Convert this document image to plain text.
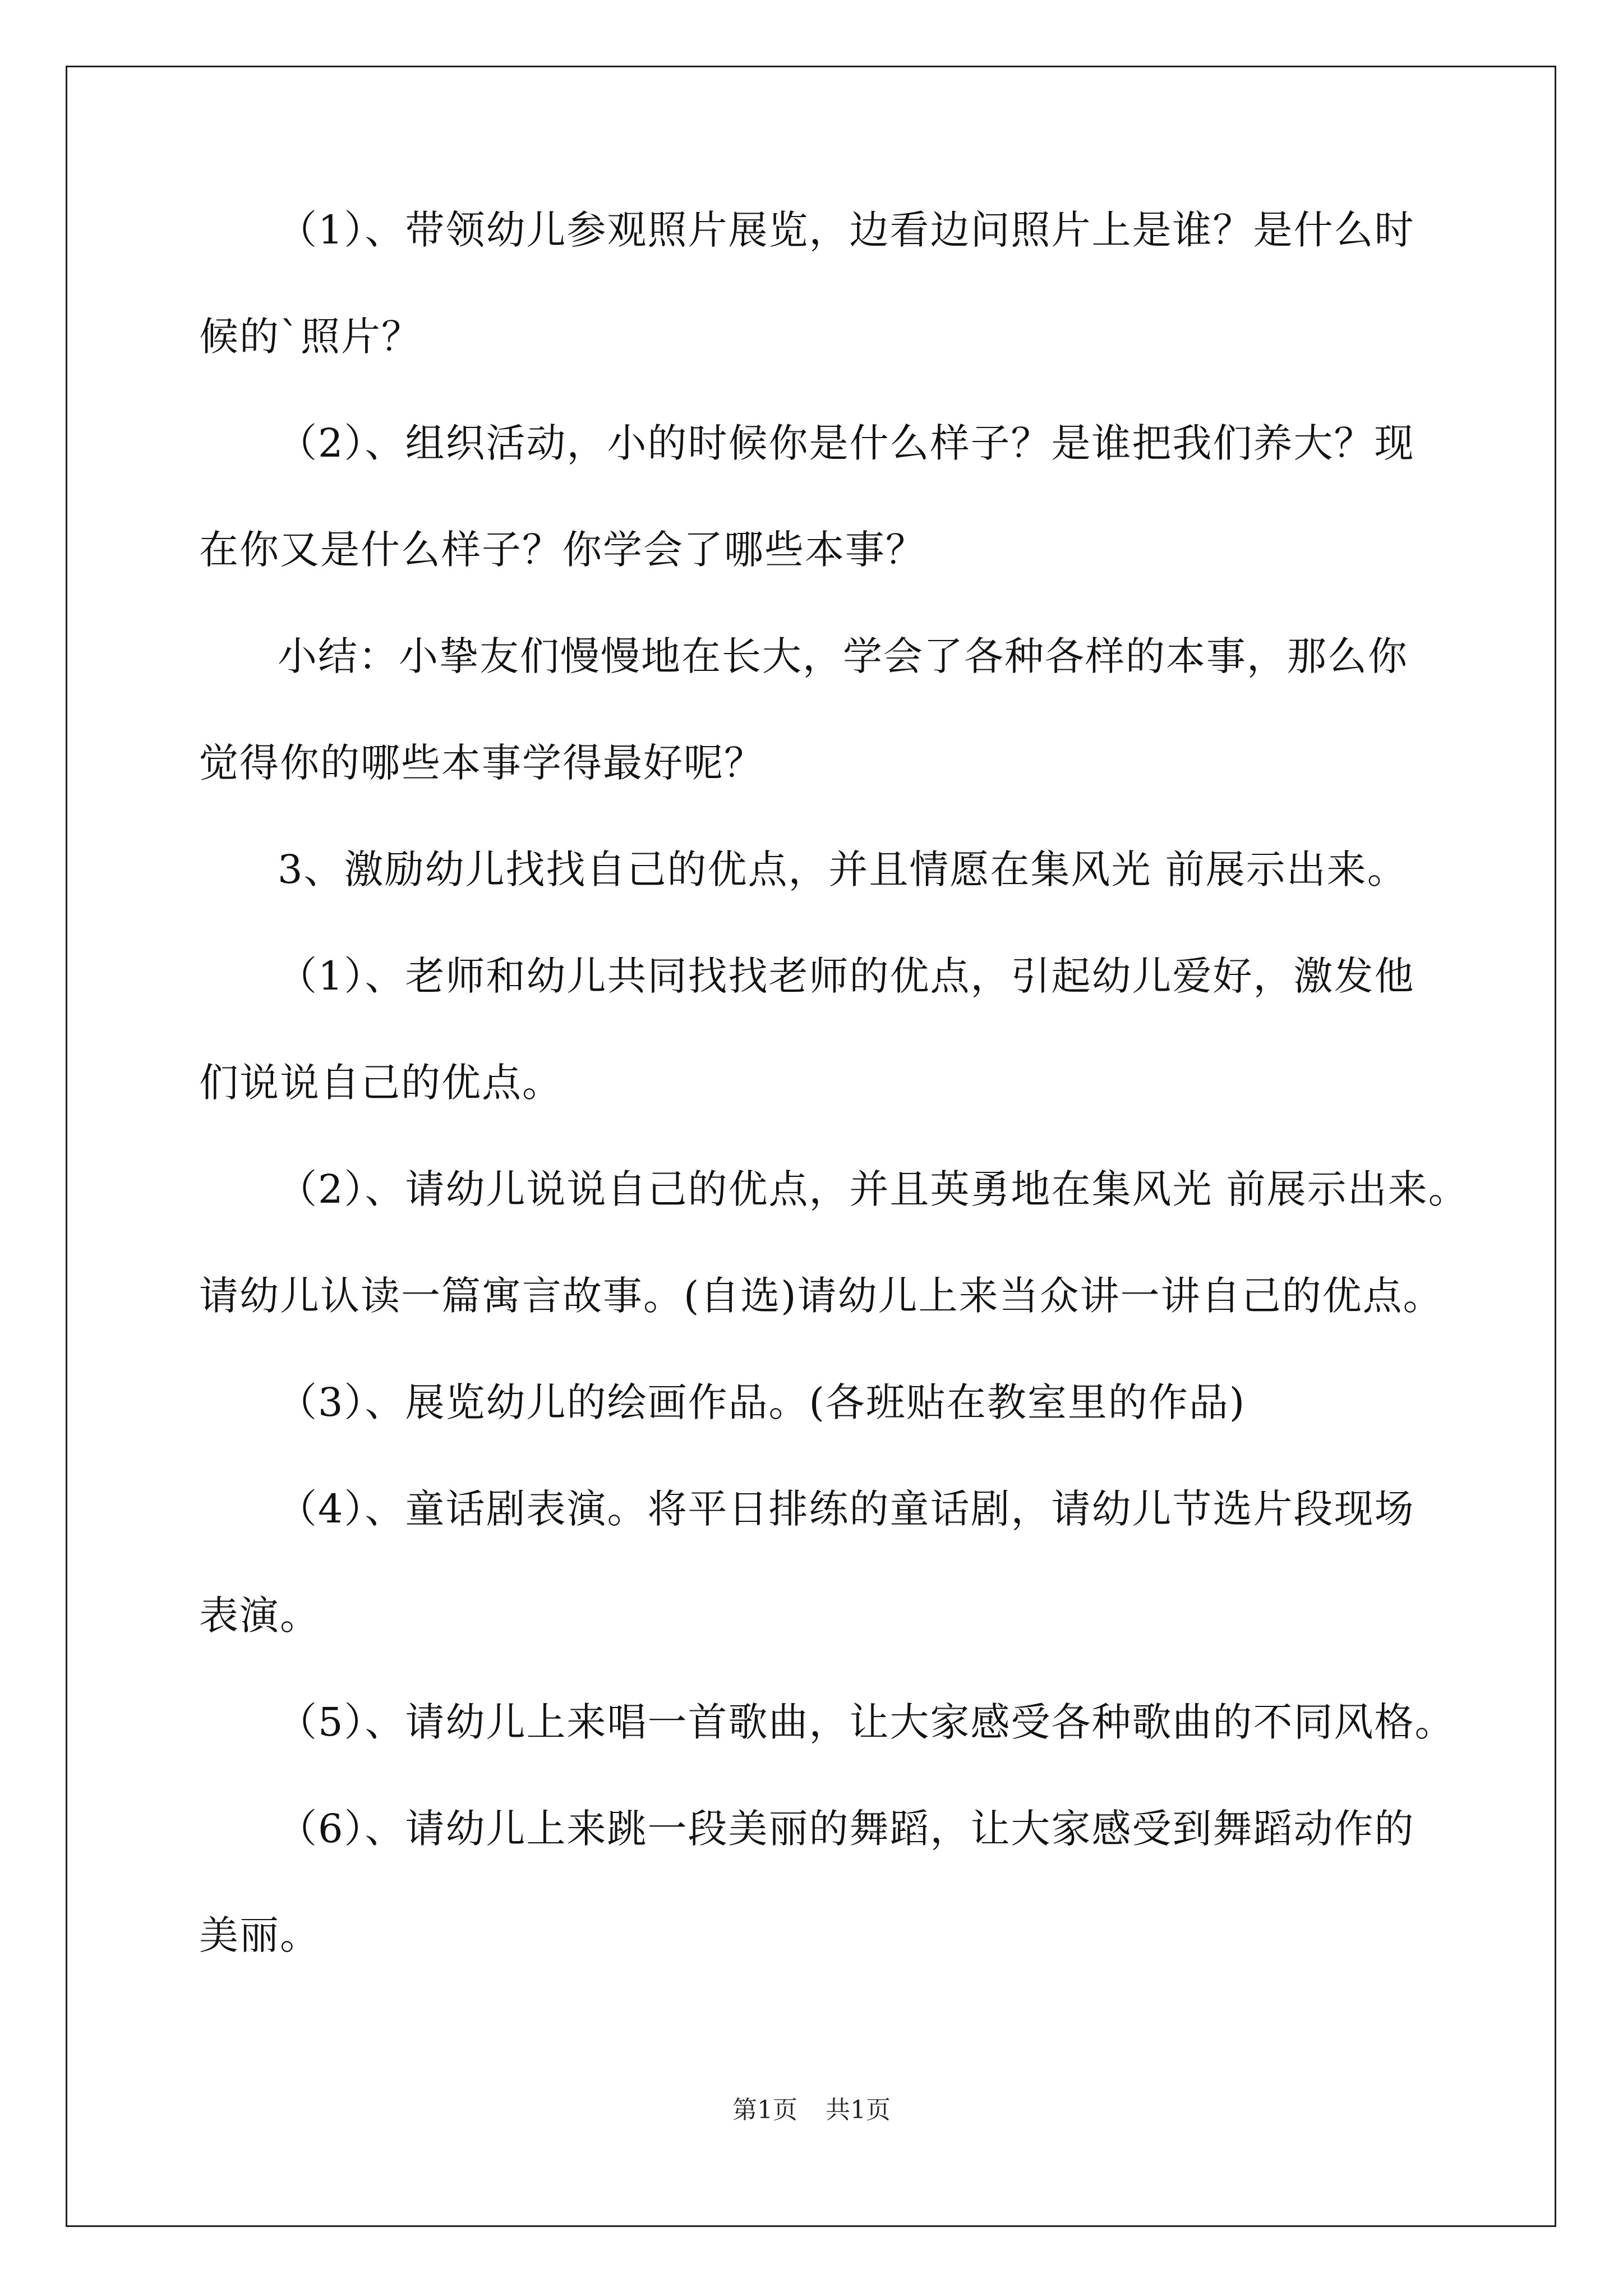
（1）、带领幼儿参观照片展览，边看边问照片上是谁？是什么时
候的`照片？
（2）、组织活动，小的时候你是什么样子？是谁把我们养大？现
在你又是什么样子？你学会了哪些本事？
小结：小挚友们慢慢地在长大，学会了各种各样的本事，那么你
觉得你的哪些本事学得最好呢？
3、激励幼儿找找自己的优点，并且情愿在集风光 前展示出来。
（1）、老师和幼儿共同找找老师的优点，引起幼儿爱好，激发他
们说说自己的优点。
（2）、请幼儿说说自己的优点，并且英勇地在集风光 前展示出来。
请幼儿认读一篇寓言故事。(自选)请幼儿上来当众讲一讲自己的优点。
（3）、展览幼儿的绘画作品。(各班贴在教室里的作品)
（4）、童话剧表演。将平日排练的童话剧，请幼儿节选片段现场
表演。
（5）、请幼儿上来唱一首歌曲，让大家感受各种歌曲的不同风格。
（6）、请幼儿上来跳一段美丽的舞蹈，让大家感受到舞蹈动作的
美丽。
第1页 共1页
